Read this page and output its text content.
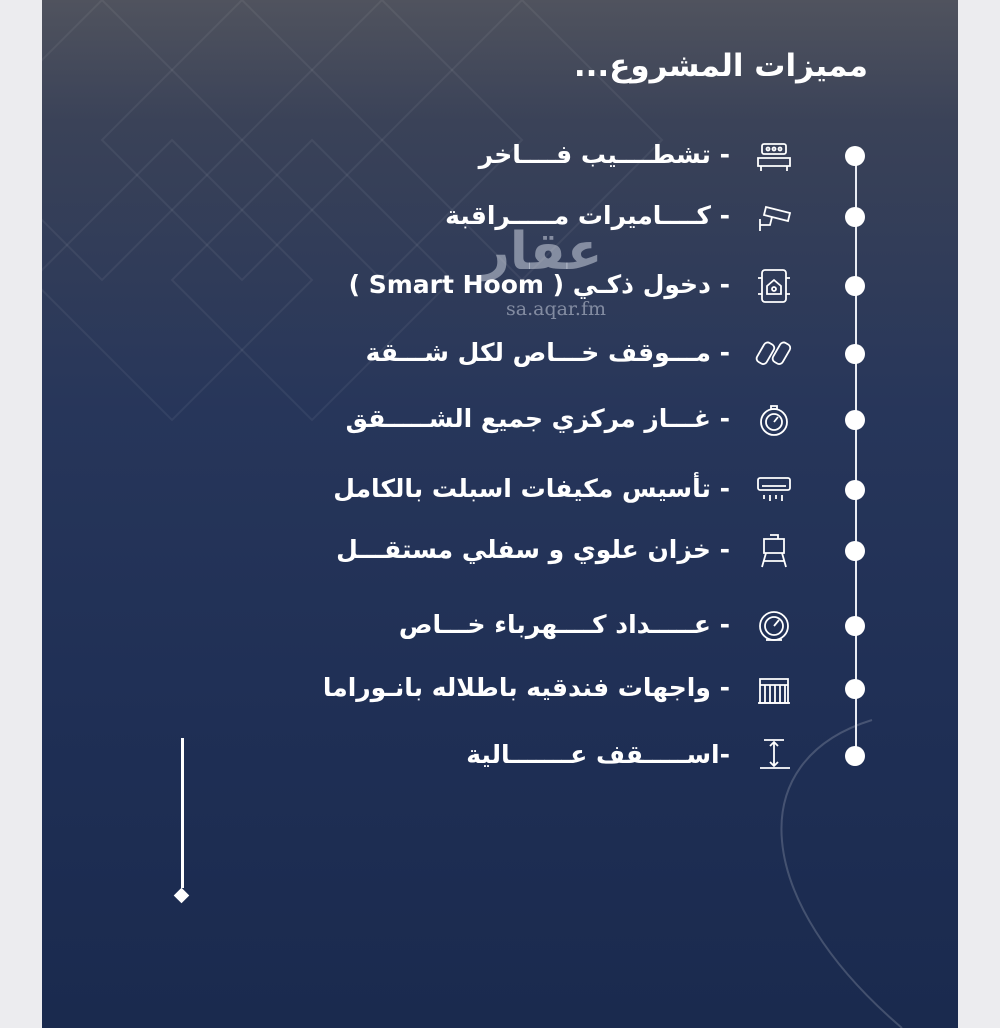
مميزات المشروع...
عقار
sa.aqar.fm
- تشطــــيب فــــاخر
- كــــاميرات مـــــراقبة
- دخول ذكـي ( Smart Hoom )
- مـــوقف خـــاص لكل شـــقة
- غـــاز مركزي جميع الشـــــقق
- تأسيس مكيفات اسبلت بالكامل
- خزان علوي و سفلي مستقـــل
- عـــــداد كــــهرباء خـــاص
- واجهات فندقيه باطلاله بانـوراما
-اســـــقف عـــــــالية
